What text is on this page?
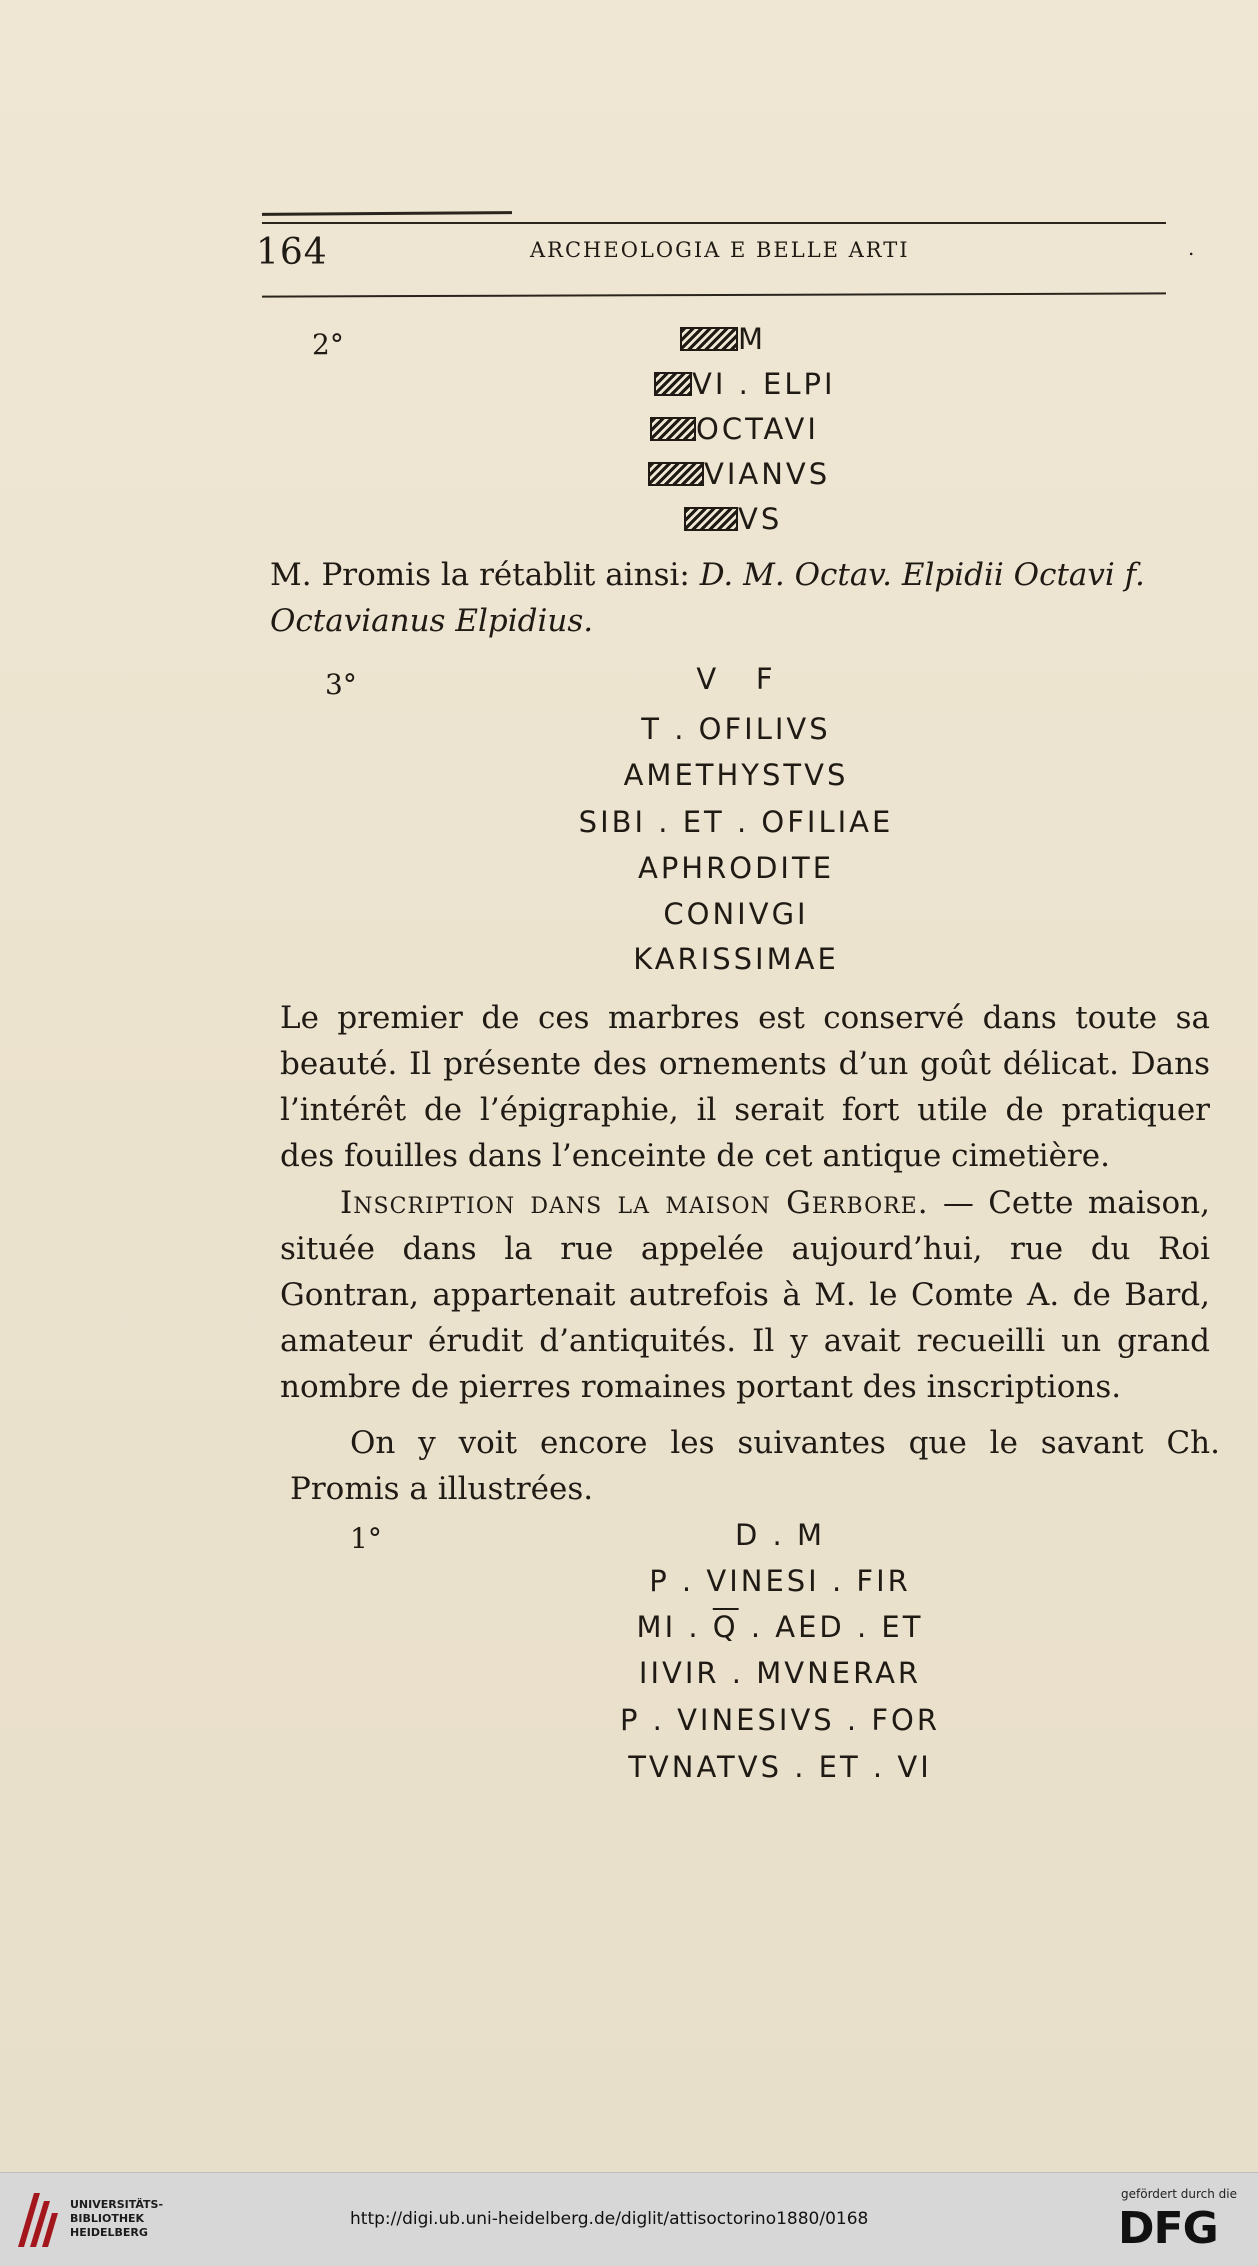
164	ARCHEOLOGIA E BELLE ARTI	.
2°	M
VI . ELPI
OCTAVI
VIANVS
VS
M. Promis la rétablit ainsi: D. M. Octav. Elpidii Octavi f. Octavianus Elpidius.
3°	V   F
T . OFILIVS
AMETHYSTVS
SIBI . ET . OFILIAE
APHRODITE
CONIVGI
KARISSIMAE
Le premier de ces marbres est conservé dans toute sa beauté. Il présente des ornements d’un goût délicat. Dans l’intérêt de l’épigraphie, il serait fort utile de pratiquer des fouilles dans l’enceinte de cet antique cimetière.
Inscription dans la maison Gerbore. — Cette maison, située dans la rue appelée aujourd’hui, rue du Roi Gontran, appartenait autrefois à M. le Comte A. de Bard, amateur érudit d’antiquités. Il y avait recueilli un grand nombre de pierres romaines portant des inscriptions.
On y voit encore les suivantes que le savant Ch. Promis a illustrées.
1°	D . M
P . VINESI . FIR
MI . $\overline{Q}$ . AED . ET
IIVIR . MVNERAR
P . VINESIVS . FOR
TVNATVS . ET . VI
UNIVERSITÄTS-
BIBLIOTHEK
HEIDELBERG
http://digi.ub.uni-heidelberg.de/diglit/attisoctorino1880/0168
gefördert durch die
DFG
